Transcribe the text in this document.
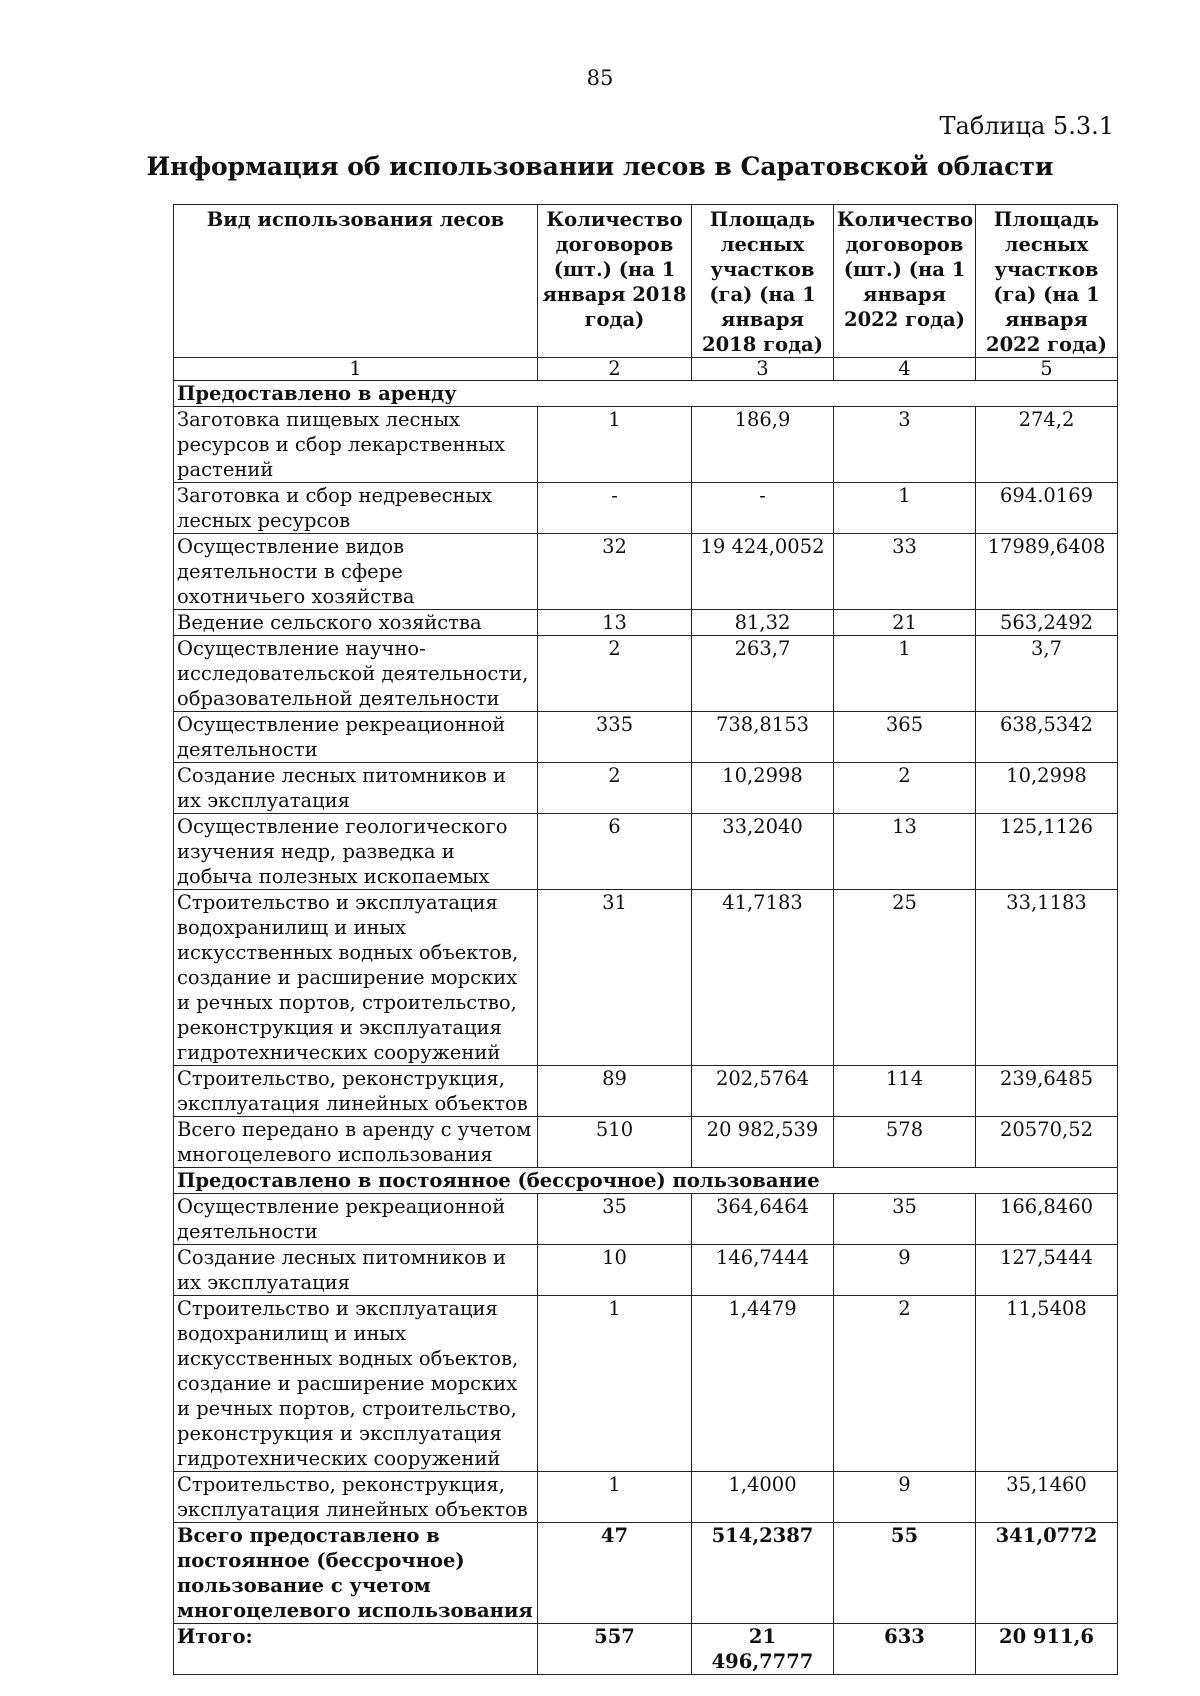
85
Таблица 5.3.1
Информация об использовании лесов в Саратовской области
Вид использования лесов	Количество договоров (шт.) (на 1 января 2018 года)	Площадь лесных участков (га) (на 1 января 2018 года)	Количество договоров (шт.) (на 1 января 2022 года)	Площадь лесных участков (га) (на 1 января 2022 года)
1	2	3	4	5
Предоставлено в аренду				
Заготовка пищевых лесных ресурсов и сбор лекарственных растений	1	186,9	3	274,2
Заготовка и сбор недревесных лесных ресурсов	-	-	1	694.0169
Осуществление видов деятельности в сфере охотничьего хозяйства	32	19 424,0052	33	17989,6408
Ведение сельского хозяйства	13	81,32	21	563,2492
Осуществление научно-исследовательской деятельности, образовательной деятельности	2	263,7	1	3,7
Осуществление рекреационной деятельности	335	738,8153	365	638,5342
Создание лесных питомников и их эксплуатация	2	10,2998	2	10,2998
Осуществление геологического изучения недр, разведка и добыча полезных ископаемых	6	33,2040	13	125,1126
Строительство и эксплуатация водохранилищ и иных искусственных водных объектов, создание и расширение морских и речных портов, строительство, реконструкция и эксплуатация гидротехнических сооружений	31	41,7183	25	33,1183
Строительство, реконструкция, эксплуатация линейных объектов	89	202,5764	114	239,6485
Всего передано в аренду с учетом многоцелевого использования	510	20 982,539	578	20570,52
Предоставлено в постоянное (бессрочное) пользование				
Осуществление рекреационной деятельности	35	364,6464	35	166,8460
Создание лесных питомников и их эксплуатация	10	146,7444	9	127,5444
Строительство и эксплуатация водохранилищ и иных искусственных водных объектов, создание и расширение морских и речных портов, строительство, реконструкция и эксплуатация гидротехнических сооружений	1	1,4479	2	11,5408
Строительство, реконструкция, эксплуатация линейных объектов	1	1,4000	9	35,1460
Всего предоставлено в постоянное (бессрочное) пользование с учетом многоцелевого использования	47	514,2387	55	341,0772
Итого:	557	21 496,7777	633	20 911,6
